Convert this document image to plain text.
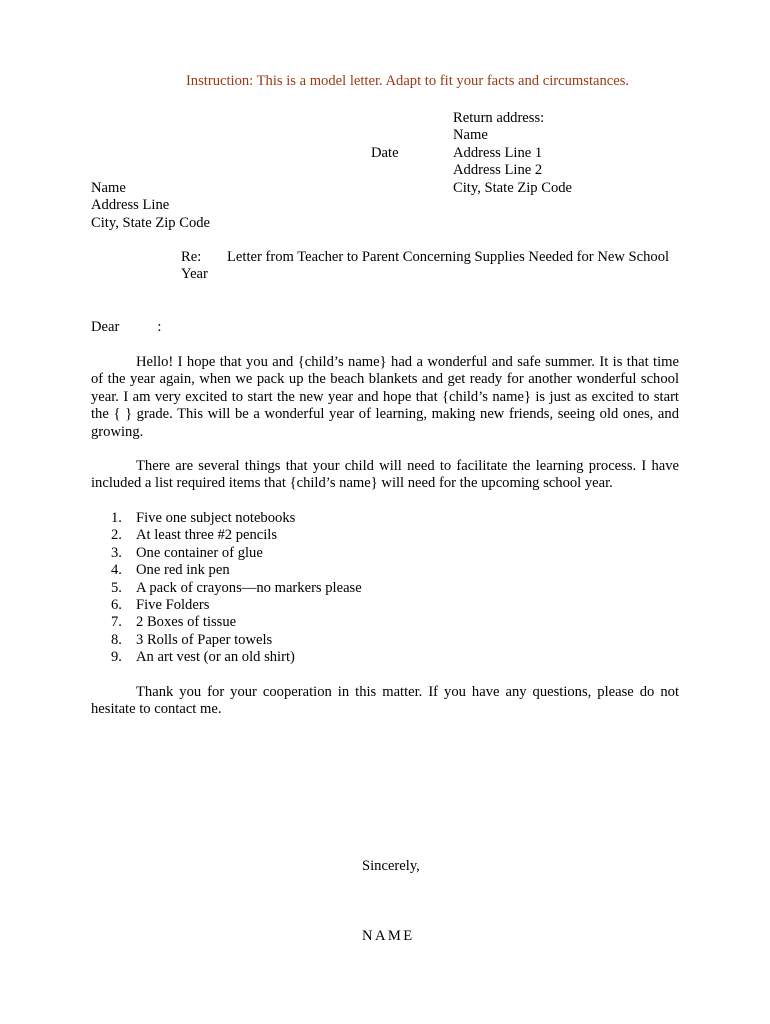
Instruction: This is a model letter. Adapt to fit your facts and circumstances.
Return address:
Name
Address Line 1
Address Line 2
City, State Zip Code
Date
Name
Address Line
City, State Zip Code
Re:	Letter from Teacher to Parent Concerning Supplies Needed for New School Year
Dear	:
Hello! I hope that you and {child’s name} had a wonderful and safe summer. It is that time of the year again, when we pack up the beach blankets and get ready for another wonderful school year. I am very excited to start the new year and hope that {child’s name} is just as excited to start the { } grade. This will be a wonderful year of learning, making new friends, seeing old ones, and growing.
There are several things that your child will need to facilitate the learning process. I have included a list required items that {child’s name} will need for the upcoming school year.
1. Five one subject notebooks
2. At least three #2 pencils
3. One container of glue
4. One red ink pen
5. A pack of crayons—no markers please
6. Five Folders
7. 2 Boxes of tissue
8. 3 Rolls of Paper towels
9. An art vest (or an old shirt)
Thank you for your cooperation in this matter. If you have any questions, please do not hesitate to contact me.
Sincerely,
NAME
